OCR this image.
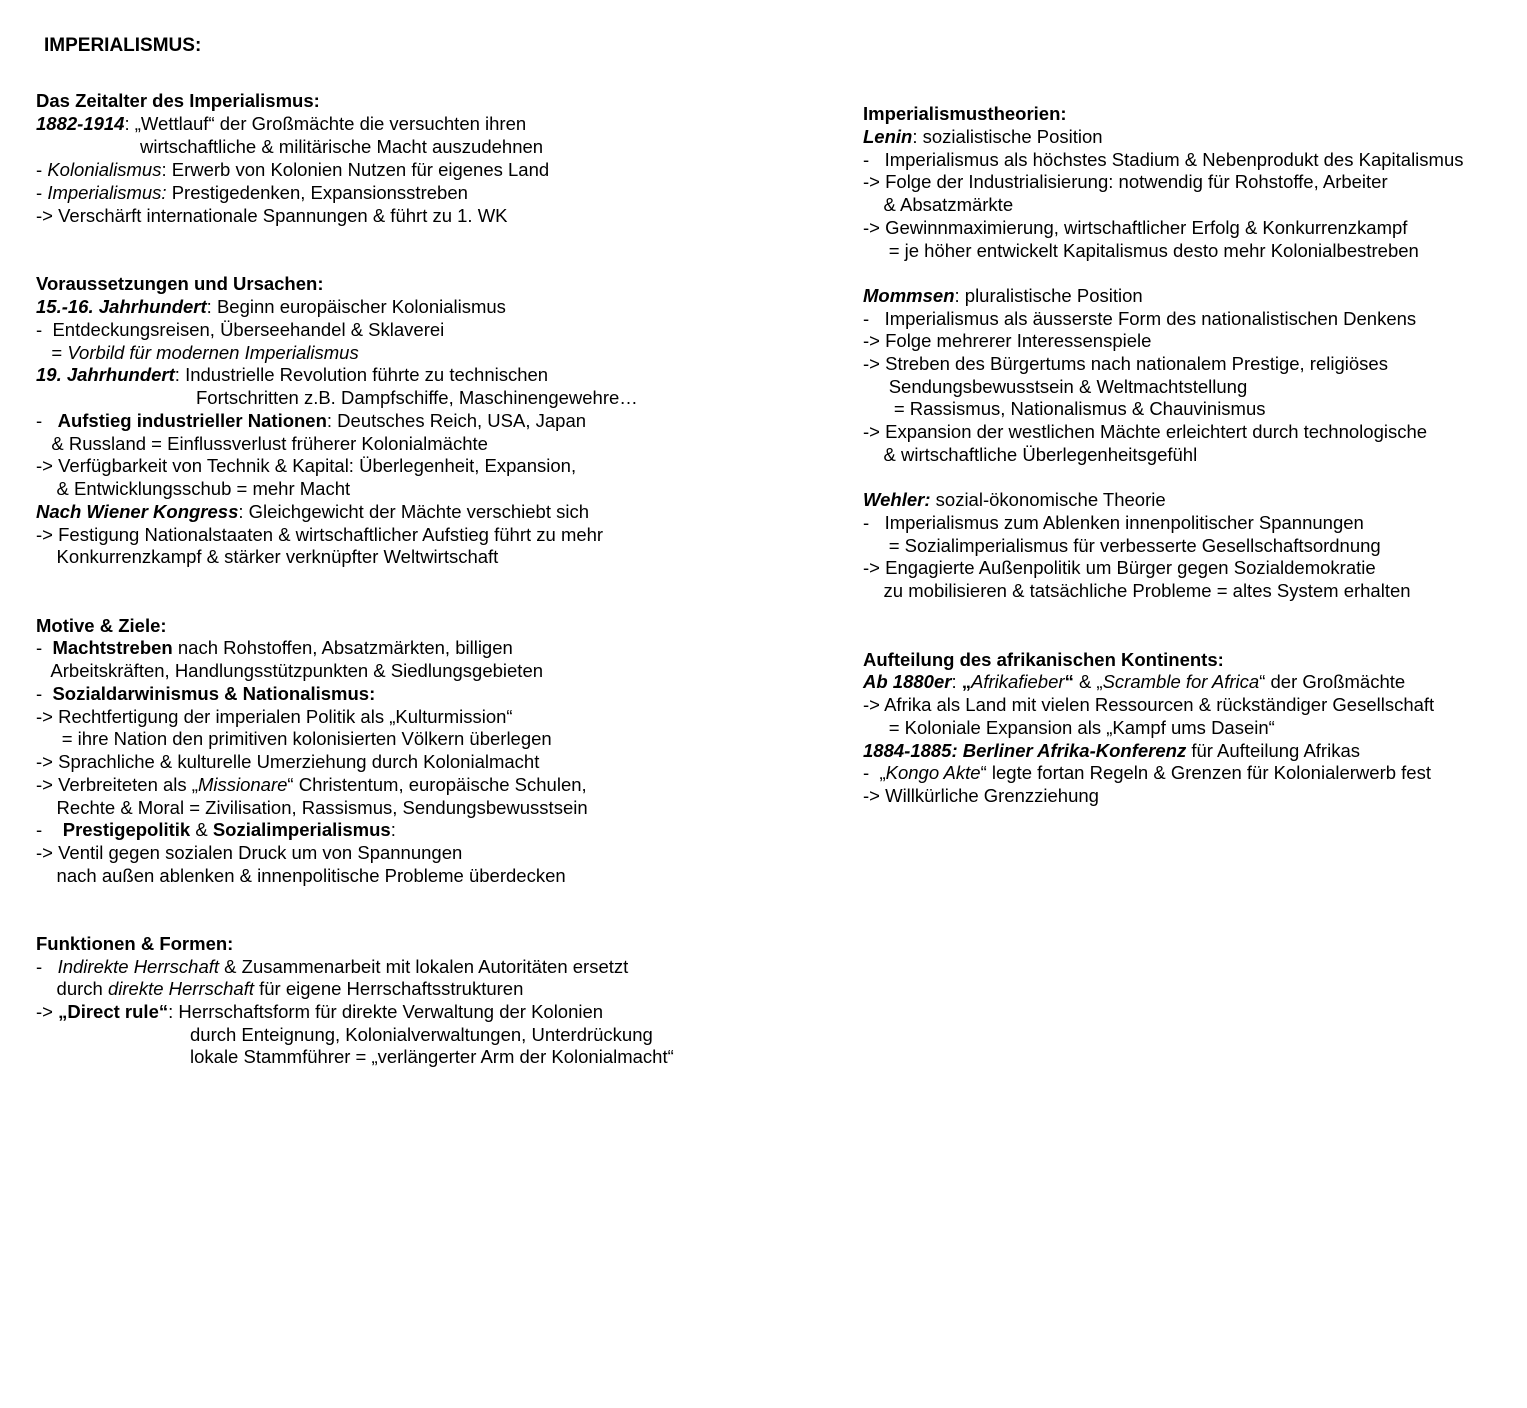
IMPERIALISMUS:

Das Zeitalter des Imperialismus:

1882-1914: „Wettlauf“ der Großmächte die versuchten ihren

wirtschaftliche & militärische Macht auszudehnen

- Kolonialismus: Erwerb von Kolonien Nutzen für eigenes Land

- Imperialismus: Prestigedenken, Expansionsstreben

-> Verschärft internationale Spannungen & führt zu 1. WK

Voraussetzungen und Ursachen:

15.-16. Jahrhundert: Beginn europäischer Kolonialismus

-  Entdeckungsreisen, Überseehandel & Sklaverei

= Vorbild für modernen Imperialismus

19. Jahrhundert: Industrielle Revolution führte zu technischen

Fortschritten z.B. Dampfschiffe, Maschinengewehre…

-   Aufstieg industrieller Nationen: Deutsches Reich, USA, Japan

& Russland = Einflussverlust früherer Kolonialmächte

-> Verfügbarkeit von Technik & Kapital: Überlegenheit, Expansion,

& Entwicklungsschub = mehr Macht

Nach Wiener Kongress: Gleichgewicht der Mächte verschiebt sich

-> Festigung Nationalstaaten & wirtschaftlicher Aufstieg führt zu mehr

Konkurrenzkampf & stärker verknüpfter Weltwirtschaft

Motive & Ziele:

-  Machtstreben nach Rohstoffen, Absatzmärkten, billigen

Arbeitskräften, Handlungsstützpunkten & Siedlungsgebieten

-  Sozialdarwinismus & Nationalismus:

-> Rechtfertigung der imperialen Politik als „Kulturmission“

= ihre Nation den primitiven kolonisierten Völkern überlegen

-> Sprachliche & kulturelle Umerziehung durch Kolonialmacht

-> Verbreiteten als „Missionare“ Christentum, europäische Schulen,

Rechte & Moral = Zivilisation, Rassismus, Sendungsbewusstsein

-    Prestigepolitik & Sozialimperialismus:

-> Ventil gegen sozialen Druck um von Spannungen

nach außen ablenken & innenpolitische Probleme überdecken

Funktionen & Formen:

-   Indirekte Herrschaft & Zusammenarbeit mit lokalen Autoritäten ersetzt

durch direkte Herrschaft für eigene Herrschaftsstrukturen

-> „Direct rule“: Herrschaftsform für direkte Verwaltung der Kolonien

durch Enteignung, Kolonialverwaltungen, Unterdrückung

lokale Stammführer = „verlängerter Arm der Kolonialmacht“

Imperialismustheorien:

Lenin: sozialistische Position

-   Imperialismus als höchstes Stadium & Nebenprodukt des Kapitalismus

-> Folge der Industrialisierung: notwendig für Rohstoffe, Arbeiter

& Absatzmärkte

-> Gewinnmaximierung, wirtschaftlicher Erfolg & Konkurrenzkampf

= je höher entwickelt Kapitalismus desto mehr Kolonialbestreben

Mommsen: pluralistische Position

-   Imperialismus als äusserste Form des nationalistischen Denkens

-> Folge mehrerer Interessenspiele

-> Streben des Bürgertums nach nationalem Prestige, religiöses

Sendungsbewusstsein & Weltmachtstellung

= Rassismus, Nationalismus & Chauvinismus

-> Expansion der westlichen Mächte erleichtert durch technologische

& wirtschaftliche Überlegenheitsgefühl

Wehler: sozial-ökonomische Theorie

-   Imperialismus zum Ablenken innenpolitischer Spannungen

= Sozialimperialismus für verbesserte Gesellschaftsordnung

-> Engagierte Außenpolitik um Bürger gegen Sozialdemokratie

zu mobilisieren & tatsächliche Probleme = altes System erhalten

Aufteilung des afrikanischen Kontinents:

Ab 1880er: „Afrikafieber“ & „Scramble for Africa“ der Großmächte

-> Afrika als Land mit vielen Ressourcen & rückständiger Gesellschaft

= Koloniale Expansion als „Kampf ums Dasein“

1884-1885: Berliner Afrika-Konferenz für Aufteilung Afrikas

-  „Kongo Akte“ legte fortan Regeln & Grenzen für Kolonialerwerb fest

-> Willkürliche Grenzziehung
